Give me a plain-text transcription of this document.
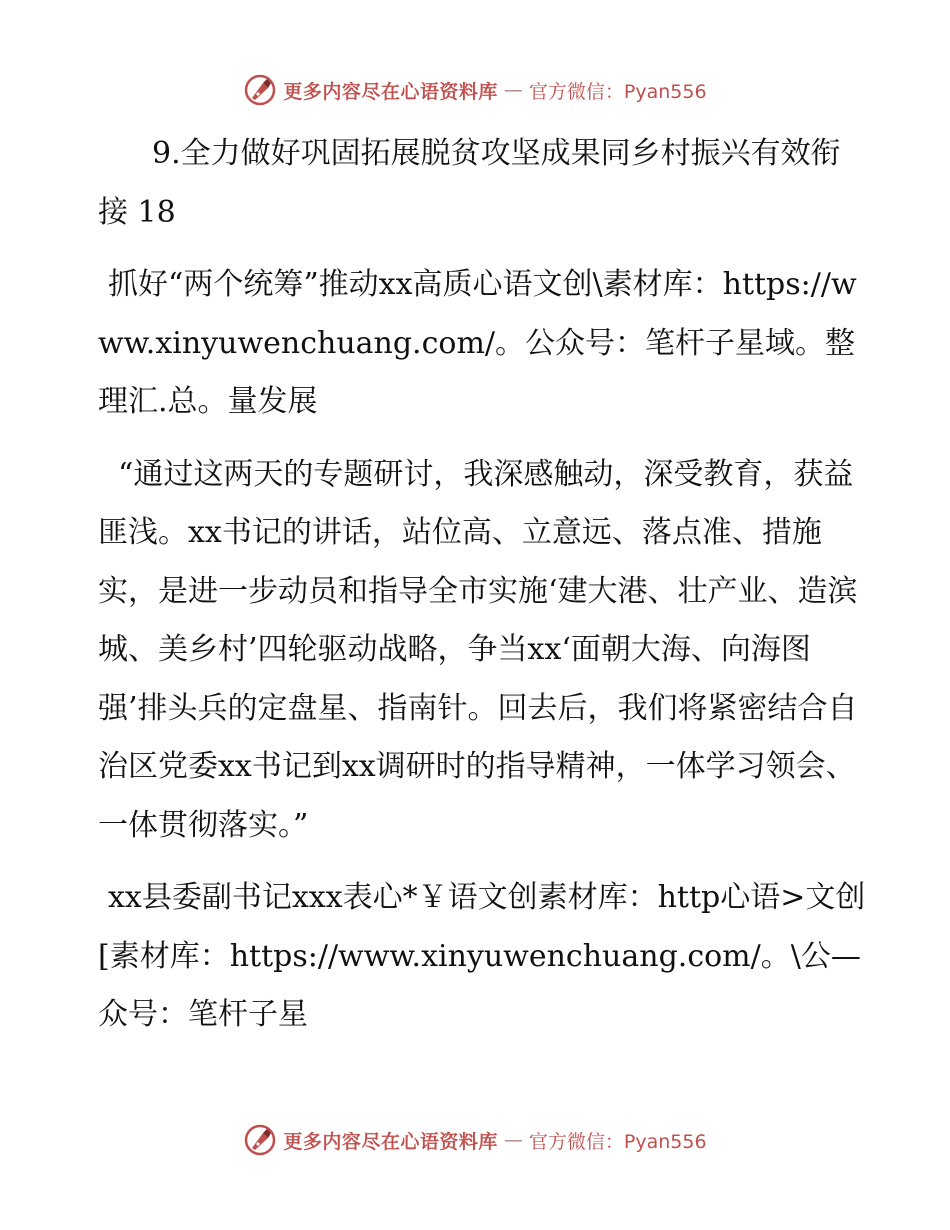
更多内容尽在心语资料库 — 官方微信：Pyan556

9.全力做好巩固拓展脱贫攻坚成果同乡村振兴有效衔接 18

抓好“两个统筹”推动xx高质心语文创\素材库：https://www.xinyuwenchuang.com/。公众号：笔杆子星域。整理汇.总。量发展

“通过这两天的专题研讨，我深感触动，深受教育，获益匪浅。xx书记的讲话，站位高、立意远、落点准、措施实，是进一步动员和指导全市实施‘建大港、壮产业、造滨城、美乡村’四轮驱动战略，争当xx‘面朝大海、向海图强’排头兵的定盘星、指南针。回去后，我们将紧密结合自治区党委xx书记到xx调研时的指导精神，一体学习领会、一体贯彻落实。”

xx县委副书记xxx表心*￥语文创素材库：http心语>文创[素材库：https://www.xinyuwenchuang.com/。\公—众号：笔杆子星

更多内容尽在心语资料库 — 官方微信：Pyan556
